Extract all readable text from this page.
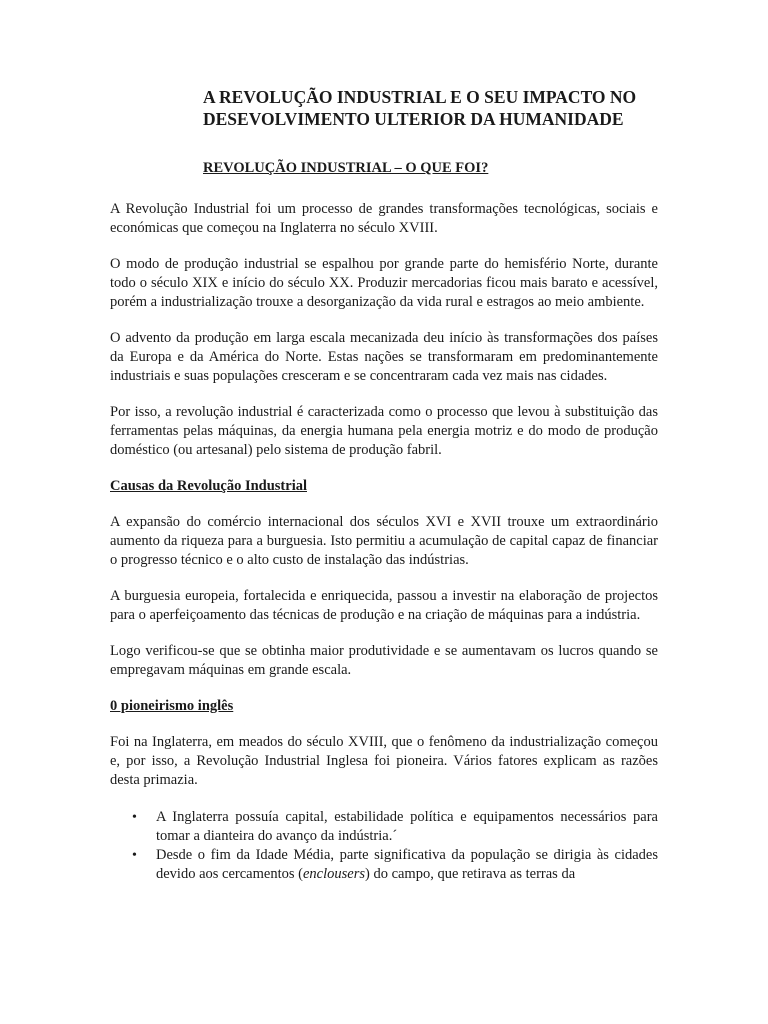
A REVOLUÇÃO INDUSTRIAL E O SEU IMPACTO NO DESEVOLVIMENTO ULTERIOR DA HUMANIDADE
REVOLUÇÃO INDUSTRIAL – O QUE FOI?

A Revolução Industrial foi um processo de grandes transformações tecnológicas, sociais e económicas que começou na Inglaterra no século XVIII.

O modo de produção industrial se espalhou por grande parte do hemisfério Norte, durante todo o século XIX e início do século XX. Produzir mercadorias ficou mais barato e acessível, porém a industrialização trouxe a desorganização da vida rural e estragos ao meio ambiente.

O advento da produção em larga escala mecanizada deu início às transformações dos países da Europa e da América do Norte. Estas nações se transformaram em predominantemente industriais e suas populações cresceram e se concentraram cada vez mais nas cidades.

Por isso, a revolução industrial é caracterizada como o processo que levou à substituição das ferramentas pelas máquinas, da energia humana pela energia motriz e do modo de produção doméstico (ou artesanal) pelo sistema de produção fabril.

Causas da Revolução Industrial

A expansão do comércio internacional dos séculos XVI e XVII trouxe um extraordinário aumento da riqueza para a burguesia. Isto permitiu a acumulação de capital capaz de financiar o progresso técnico e o alto custo de instalação das indústrias.

A burguesia europeia, fortalecida e enriquecida, passou a investir na elaboração de projectos para o aperfeiçoamento das técnicas de produção e na criação de máquinas para a indústria.

Logo verificou-se que se obtinha maior produtividade e se aumentavam os lucros quando se empregavam máquinas em grande escala.

0 pioneirismo inglês

Foi na Inglaterra, em meados do século XVIII, que o fenômeno da industrialização começou e, por isso, a Revolução Industrial Inglesa foi pioneira. Vários fatores explicam as razões desta primazia.

• A Inglaterra possuía capital, estabilidade política e equipamentos necessários para tomar a dianteira do avanço da indústria.´
• Desde o fim da Idade Média, parte significativa da população se dirigia às cidades devido aos cercamentos (enclousers) do campo, que retirava as terras da
